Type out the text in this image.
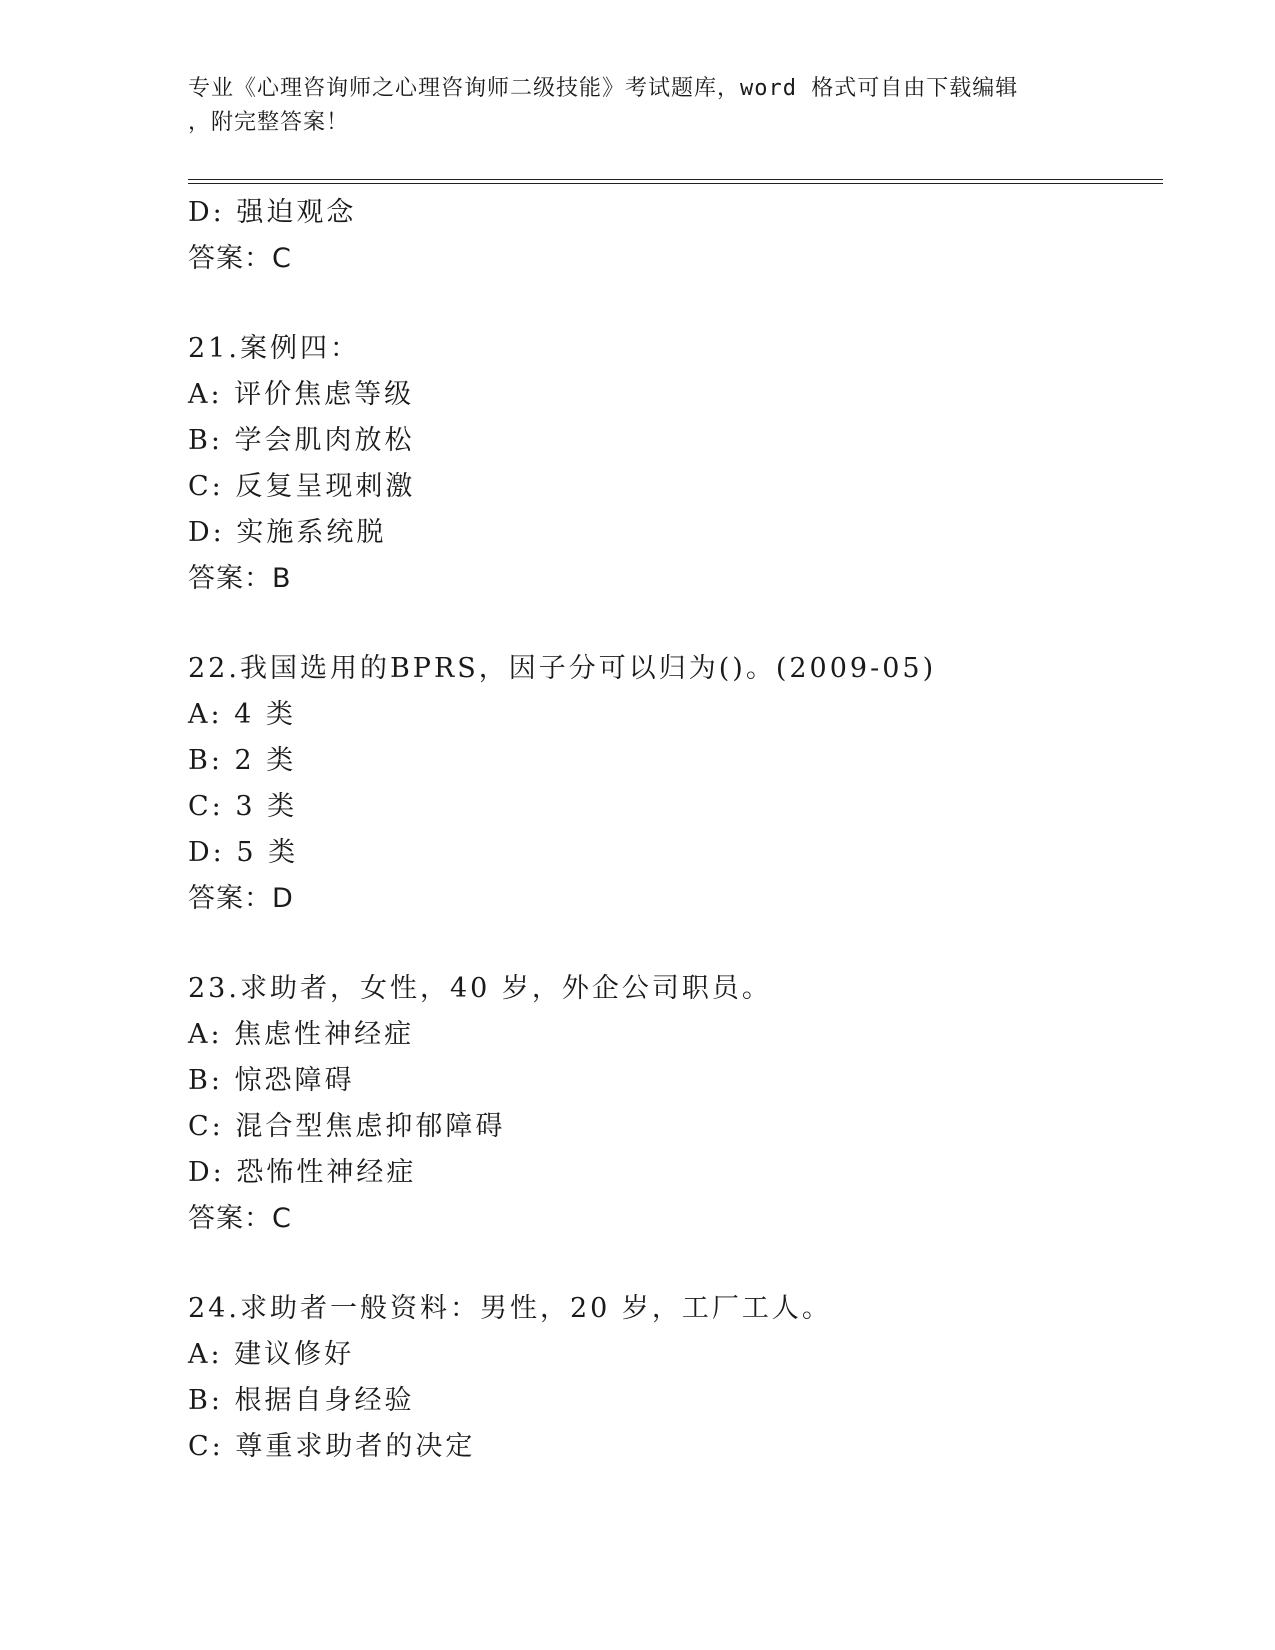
专业《心理咨询师之心理咨询师二级技能》考试题库，word 格式可自由下载编辑
，附完整答案！
D: 强迫观念
答案：C
21.案例四：
A: 评价焦虑等级
B: 学会肌肉放松
C: 反复呈现刺激
D: 实施系统脱
答案：B
22.我国选用的BPRS，因子分可以归为()。(2009-05)
A: 4 类
B: 2 类
C: 3 类
D: 5 类
答案：D
23.求助者，女性，40 岁，外企公司职员。
A: 焦虑性神经症
B: 惊恐障碍
C: 混合型焦虑抑郁障碍
D: 恐怖性神经症
答案：C
24.求助者一般资料：男性，20 岁，工厂工人。
A: 建议修好
B: 根据自身经验
C: 尊重求助者的决定
